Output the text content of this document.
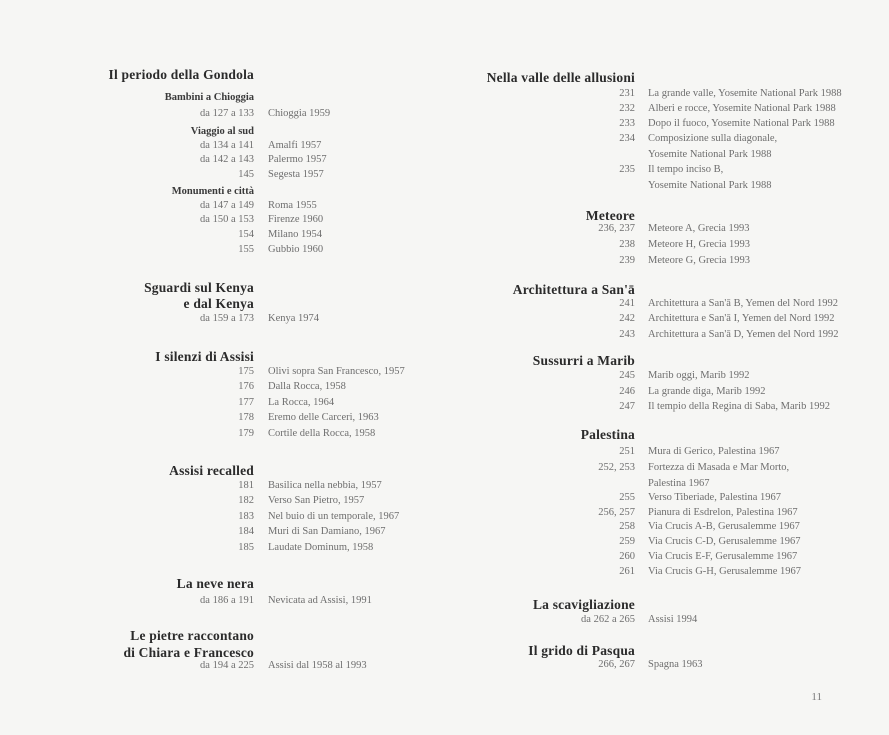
Il periodo della Gondola
Bambini a Chioggia
da 127 a 133 Chioggia 1959
Viaggio al sud
da 134 a 141 Amalfi 1957
da 142 a 143 Palermo 1957
145 Segesta 1957
Monumenti e città
da 147 a 149 Roma 1955
da 150 a 153 Firenze 1960
154 Milano 1954
155 Gubbio 1960
Sguardi sul Kenya
e dal Kenya
da 159 a 173 Kenya 1974
I silenzi di Assisi
175 Olivi sopra San Francesco, 1957
176 Dalla Rocca, 1958
177 La Rocca, 1964
178 Eremo delle Carceri, 1963
179 Cortile della Rocca, 1958
Assisi recalled
181 Basilica nella nebbia, 1957
182 Verso San Pietro, 1957
183 Nel buio di un temporale, 1967
184 Muri di San Damiano, 1967
185 Laudate Dominum, 1958
La neve nera
da 186 a 191 Nevicata ad Assisi, 1991
Le pietre raccontano
di Chiara e Francesco
da 194 a 225 Assisi dal 1958 al 1993
Nella valle delle allusioni
231 La grande valle, Yosemite National Park 1988
232 Alberi e rocce, Yosemite National Park 1988
233 Dopo il fuoco, Yosemite National Park 1988
234 Composizione sulla diagonale,
Yosemite National Park 1988
235 Il tempo inciso B,
Yosemite National Park 1988
Meteore
236, 237 Meteore A, Grecia 1993
238 Meteore H, Grecia 1993
239 Meteore G, Grecia 1993
Architettura a San'ā
241 Architettura a San'ā B, Yemen del Nord 1992
242 Architettura e San'ā I, Yemen del Nord 1992
243 Architettura a San'ā D, Yemen del Nord 1992
Sussurri a Marib
245 Marib oggi, Marib 1992
246 La grande diga, Marib 1992
247 Il tempio della Regina di Saba, Marib 1992
Palestina
251 Mura di Gerico, Palestina 1967
252, 253 Fortezza di Masada e Mar Morto,
Palestina 1967
255 Verso Tiberiade, Palestina 1967
256, 257 Pianura di Esdrelon, Palestina 1967
258 Via Crucis A-B, Gerusalemme 1967
259 Via Crucis C-D, Gerusalemme 1967
260 Via Crucis E-F, Gerusalemme 1967
261 Via Crucis G-H, Gerusalemme 1967
La scavigliazione
da 262 a 265 Assisi 1994
Il grido di Pasqua
266, 267 Spagna 1963
11
